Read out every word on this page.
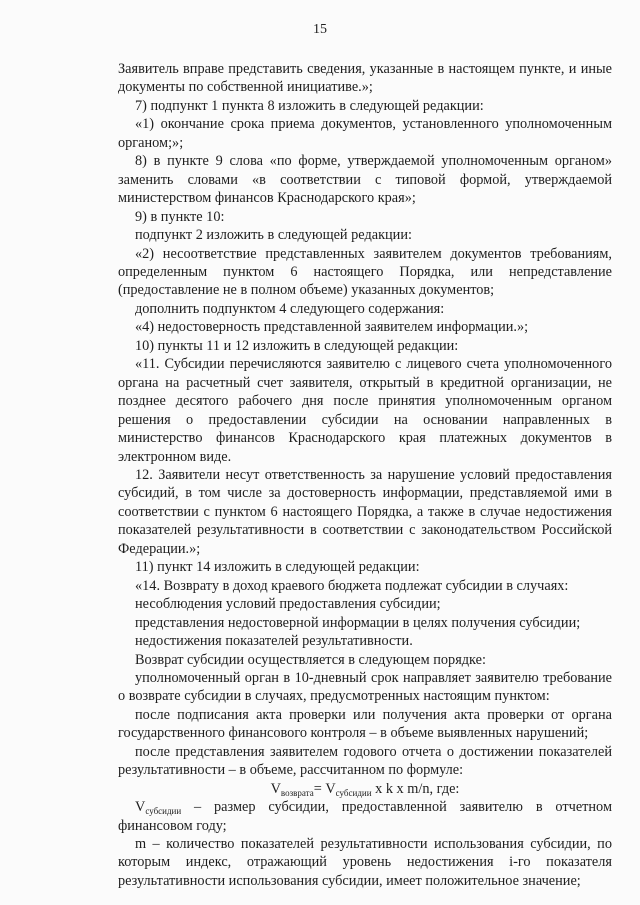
15

Заявитель вправе представить сведения, указанные в настоящем пункте, и иные документы по собственной инициативе.»;

7) подпункт 1 пункта 8 изложить в следующей редакции:

«1) окончание срока приема документов, установленного уполномоченным органом;»;

8) в пункте 9 слова «по форме, утверждаемой уполномоченным органом» заменить словами «в соответствии с типовой формой, утверждаемой министерством финансов Краснодарского края»;

9) в пункте 10:

подпункт 2 изложить в следующей редакции:

«2) несоответствие представленных заявителем документов требованиям, определенным пунктом 6 настоящего Порядка, или непредставление (предоставление не в полном объеме) указанных документов;

дополнить подпунктом 4 следующего содержания:

«4) недостоверность представленной заявителем информации.»;

10) пункты 11 и 12 изложить в следующей редакции:

«11. Субсидии перечисляются заявителю с лицевого счета уполномоченного органа на расчетный счет заявителя, открытый в кредитной организации, не позднее десятого рабочего дня после принятия уполномоченным органом решения о предоставлении субсидии на основании направленных в министерство финансов Краснодарского края платежных документов в электронном виде.

12. Заявители несут ответственность за нарушение условий предоставления субсидий, в том числе за достоверность информации, представляемой ими в соответствии с пунктом 6 настоящего Порядка, а также в случае недостижения показателей результативности в соответствии с законодательством Российской Федерации.»;

11) пункт 14 изложить в следующей редакции:

«14. Возврату в доход краевого бюджета подлежат субсидии в случаях:

несоблюдения условий предоставления субсидии;

представления недостоверной информации в целях получения субсидии;

недостижения показателей результативности.

Возврат субсидии осуществляется в следующем порядке:

уполномоченный орган в 10-дневный срок направляет заявителю требование о возврате субсидии в случаях, предусмотренных настоящим пунктом:

после подписания акта проверки или получения акта проверки от органа государственного финансового контроля – в объеме выявленных нарушений;

после представления заявителем годового отчета о достижении показателей результативности – в объеме, рассчитанном по формуле:

$V_{возврата}= V_{субсидии}$ x k x m/n, где:

$V_{субсидии}$ – размер субсидии, предоставленной заявителю в отчетном финансовом году;

m – количество показателей результативности использования субсидии, по которым индекс, отражающий уровень недостижения i-го показателя результативности использования субсидии, имеет положительное значение;
